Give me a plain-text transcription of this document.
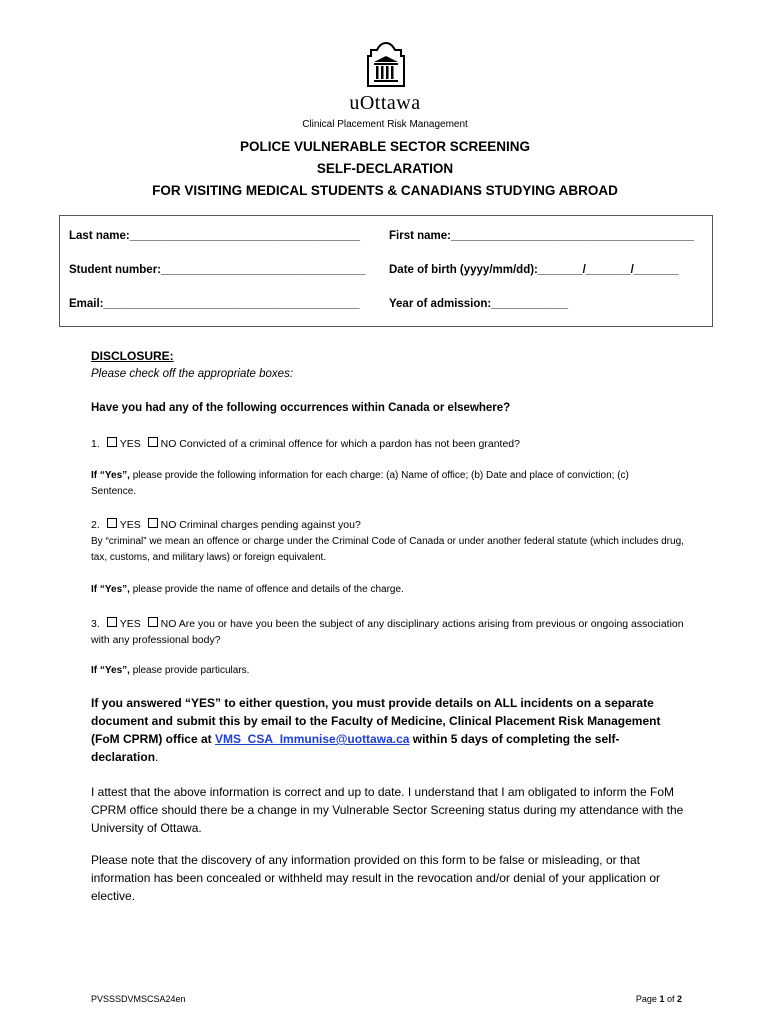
uOttawa
Clinical Placement Risk Management
POLICE VULNERABLE SECTOR SCREENING
SELF-DECLARATION
FOR VISITING MEDICAL STUDENTS & CANADIANS STUDYING ABROAD
Last name:____________________________________	First name:______________________________________
Student number:________________________________ Date of birth (yyyy/mm/dd):_______/_______/_______
Email:________________________________________	Year of admission:____________
DISCLOSURE:
Please check off the appropriate boxes:
Have you had any of the following occurrences within Canada or elsewhere?
1. YES NO Convicted of a criminal offence for which a pardon has not been granted?
If “Yes”, please provide the following information for each charge: (a) Name of office; (b) Date and place of conviction; (c) Sentence.
2. YES NO Criminal charges pending against you?
By “criminal” we mean an offence or charge under the Criminal Code of Canada or under another federal statute (which includes drug, tax, customs, and military laws) or foreign equivalent.
If “Yes”, please provide the name of offence and details of the charge.
3. YES NO Are you or have you been the subject of any disciplinary actions arising from previous or ongoing association with any professional body?
If “Yes”, please provide particulars.
If you answered “YES” to either question, you must provide details on ALL incidents on a separate document and submit this by email to the Faculty of Medicine, Clinical Placement Risk Management (FoM CPRM) office at VMS_CSA_Immunise@uottawa.ca within 5 days of completing the self-declaration.
I attest that the above information is correct and up to date. I understand that I am obligated to inform the FoM CPRM office should there be a change in my Vulnerable Sector Screening status during my attendance with the University of Ottawa.
Please note that the discovery of any information provided on this form to be false or misleading, or that information has been concealed or withheld may result in the revocation and/or denial of your application or elective.
PVSSSDVMSCSA24en	Page 1 of 2
